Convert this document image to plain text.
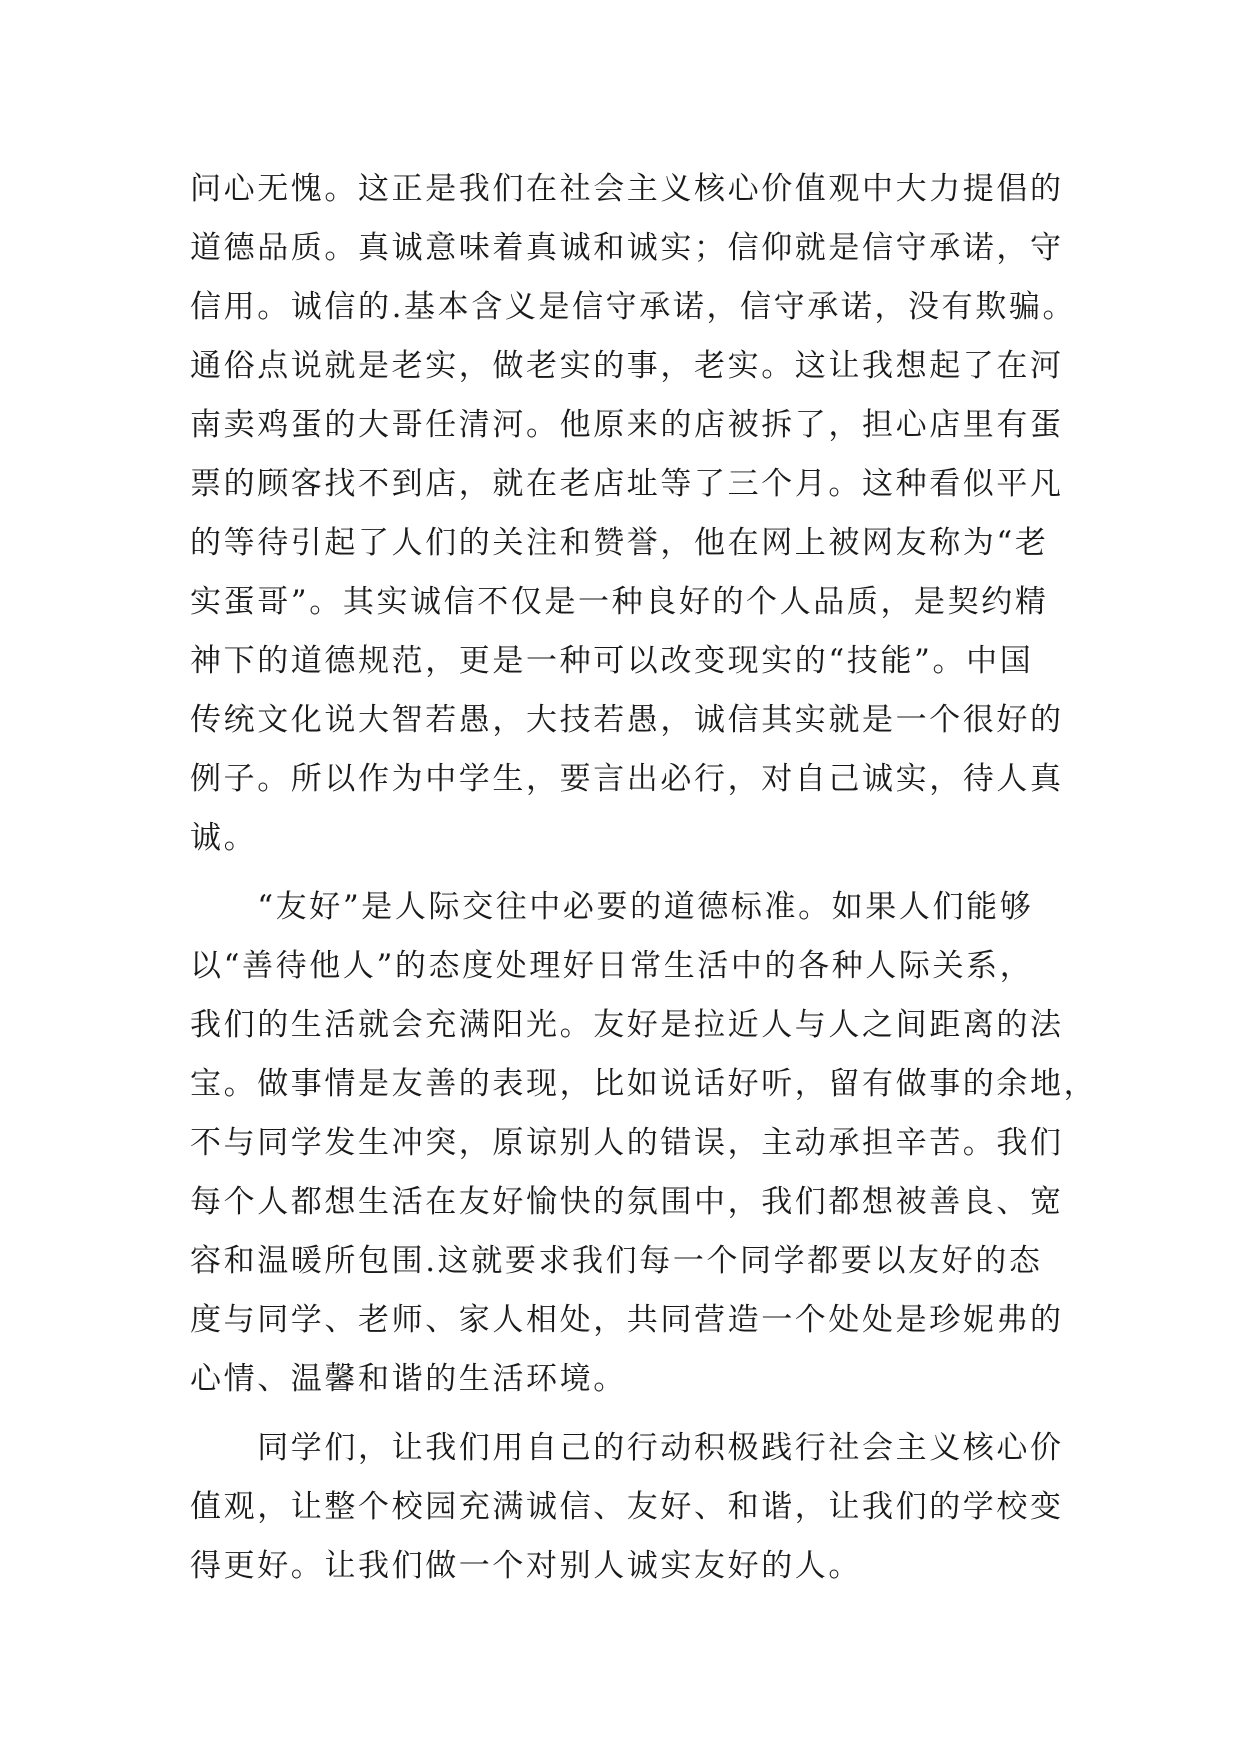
问心无愧。这正是我们在社会主义核心价值观中大力提倡的
道德品质。真诚意味着真诚和诚实；信仰就是信守承诺，守
信用。诚信的.基本含义是信守承诺，信守承诺，没有欺骗。
通俗点说就是老实，做老实的事，老实。这让我想起了在河
南卖鸡蛋的大哥任清河。他原来的店被拆了，担心店里有蛋
票的顾客找不到店，就在老店址等了三个月。这种看似平凡
的等待引起了人们的关注和赞誉，他在网上被网友称为“老
实蛋哥”。其实诚信不仅是一种良好的个人品质，是契约精
神下的道德规范，更是一种可以改变现实的“技能”。中国
传统文化说大智若愚，大技若愚，诚信其实就是一个很好的
例子。所以作为中学生，要言出必行，对自己诚实，待人真
诚。
　　“友好”是人际交往中必要的道德标准。如果人们能够
以“善待他人”的态度处理好日常生活中的各种人际关系，
我们的生活就会充满阳光。友好是拉近人与人之间距离的法
宝。做事情是友善的表现，比如说话好听，留有做事的余地，
不与同学发生冲突，原谅别人的错误，主动承担辛苦。我们
每个人都想生活在友好愉快的氛围中，我们都想被善良、宽
容和温暖所包围.这就要求我们每一个同学都要以友好的态
度与同学、老师、家人相处，共同营造一个处处是珍妮弗的
心情、温馨和谐的生活环境。
　　同学们，让我们用自己的行动积极践行社会主义核心价
值观，让整个校园充满诚信、友好、和谐，让我们的学校变
得更好。让我们做一个对别人诚实友好的人。
